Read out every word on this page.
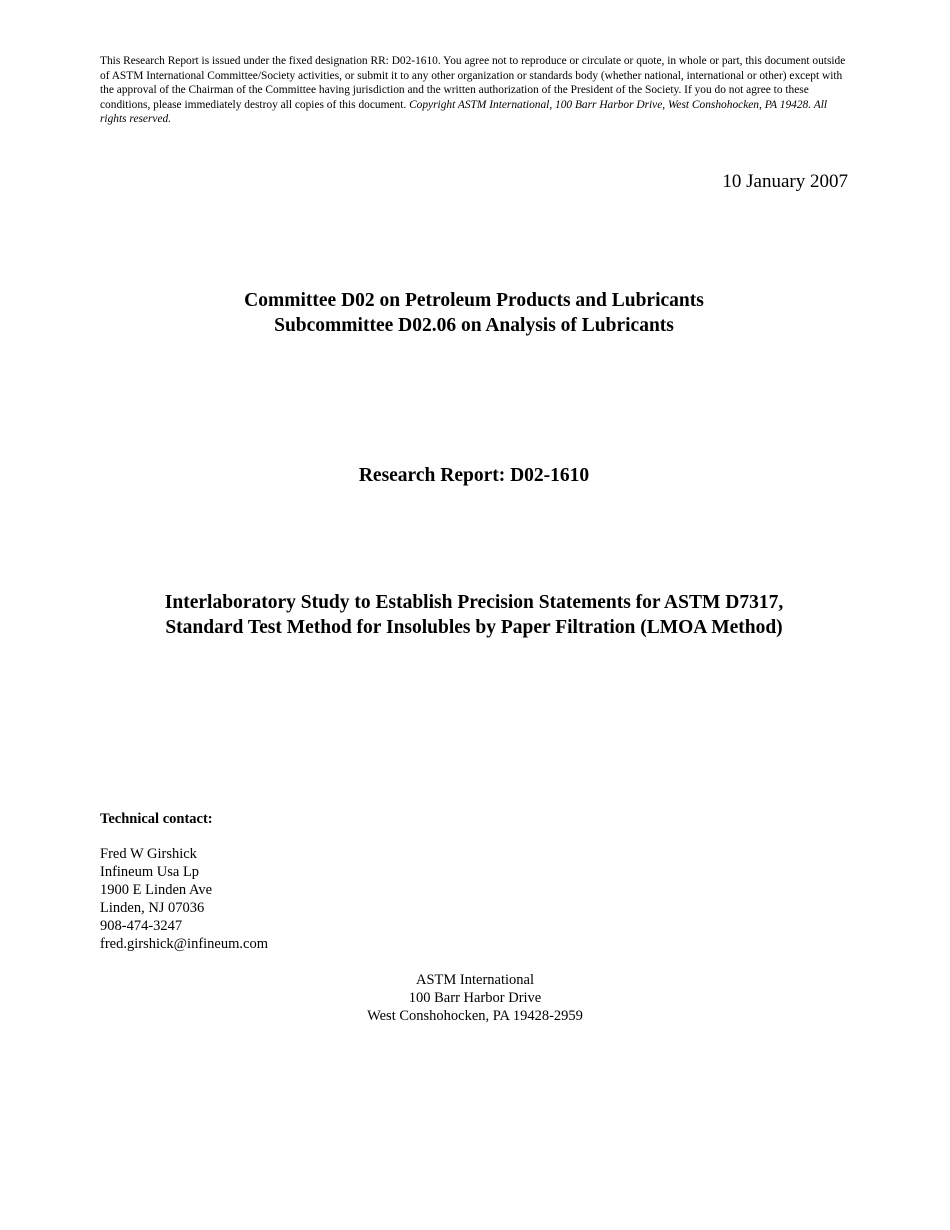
This Research Report is issued under the fixed designation RR: D02-1610. You agree not to reproduce or circulate or quote, in whole or part, this document outside of ASTM International Committee/Society activities, or submit it to any other organization or standards body (whether national, international or other) except with the approval of the Chairman of the Committee having jurisdiction and the written authorization of the President of the Society. If you do not agree to these conditions, please immediately destroy all copies of this document. Copyright ASTM International, 100 Barr Harbor Drive, West Conshohocken, PA 19428. All rights reserved.
10 January 2007
Committee D02 on Petroleum Products and Lubricants
Subcommittee D02.06 on Analysis of Lubricants
Research Report: D02-1610
Interlaboratory Study to Establish Precision Statements for ASTM D7317,
Standard Test Method for Insolubles by Paper Filtration (LMOA Method)
Technical contact:
Fred W Girshick
Infineum Usa Lp
1900 E Linden Ave
Linden, NJ 07036
908-474-3247
fred.girshick@infineum.com
ASTM International
100 Barr Harbor Drive
West Conshohocken, PA 19428-2959
